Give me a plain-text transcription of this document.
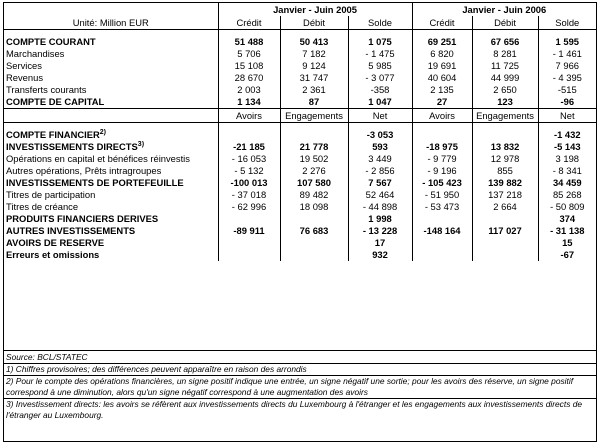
	Janvier - Juin 2005			Janvier - Juin 2006		
Unité: Million EUR	Crédit	Débit	Solde	Crédit	Débit	Solde

COMPTE COURANT	51 488	50 413	1 075	69 251	67 656	1 595
Marchandises	5 706	7 182	- 1 475	6 820	8 281	- 1 461
Services	15 108	9 124	5 985	19 691	11 725	7 966
Revenus	28 670	31 747	- 3 077	40 604	44 999	- 4 395
Transferts courants	2 003	2 361	-358	2 135	2 650	-515
COMPTE DE CAPITAL	1 134	87	1 047	27	123	-96
	Avoirs	Engagements	Net	Avoirs	Engagements	Net

COMPTE FINANCIER$^{2)}$			-3 053			-1 432
INVESTISSEMENTS DIRECTS$^{3)}$	-21 185	21 778	593	-18 975	13 832	-5 143
Opérations en capital et bénéfices réinvestis	- 16 053	19 502	3 449	- 9 779	12 978	3 198
Autres opérations, Prêts intragroupes	- 5 132	2 276	- 2 856	- 9 196	855	- 8 341
INVESTISSEMENTS DE PORTEFEUILLE	-100 013	107 580	7 567	- 105 423	139 882	34 459
Titres de participation	- 37 018	89 482	52 464	- 51 950	137 218	85 268
Titres de créance	- 62 996	18 098	- 44 898	- 53 473	2 664	- 50 809
PRODUITS FINANCIERS DERIVES			1 998			374
AUTRES INVESTISSEMENTS	-89 911	76 683	- 13 228	-148 164	117 027	- 31 138
AVOIRS DE RESERVE			17			15
Erreurs et omissions			932			-67
Source: BCL/STATEC
1) Chiffres provisoires; des différences peuvent apparaître en raison des arrondis
2) Pour le compte des opérations financières, un signe positif indique une entrée, un signe négatif une sortie; pour les avoirs des réserve, un signe positif correspond à une diminution, alors qu'un signe négatif correspond à une augmentation des avoirs
3) Investissement directs: les avoirs se réfèrent aux investissements directs du Luxembourg à l'étranger et les engagements aux investissements directs de l'étranger au Luxembourg.
